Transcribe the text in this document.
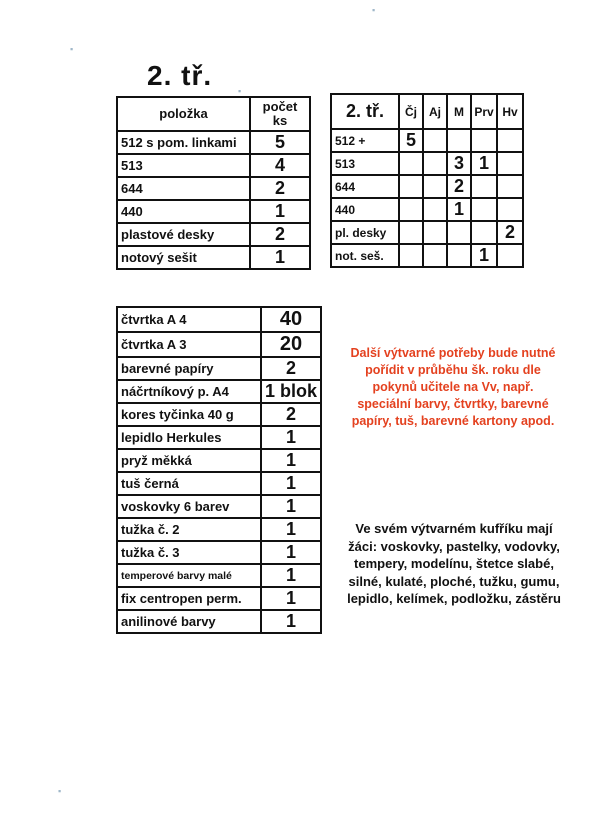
2. tř.
položka	počet ks
512 s pom. linkami	5
513	4
644	2
440	1
plastové desky	2
notový sešit	1
2. tř.	Čj	Aj	M	Prv	Hv
512 +	5				
513			3	1	
644			2		
440			1		
pl. desky					2
not. seš.				1	
čtvrtka A 4	40
čtvrtka A 3	20
barevné papíry	2
náčrtníkový p. A4	1 blok
kores tyčinka 40 g	2
lepidlo Herkules	1
pryž měkká	1
tuš černá	1
voskovky 6 barev	1
tužka č. 2	1
tužka č. 3	1
temperové barvy malé	1
fix centropen perm.	1
anilinové barvy	1
Další výtvarné potřeby bude nutné
pořídit v průběhu šk. roku dle
pokynů učitele na Vv, např.
speciální barvy, čtvrtky, barevné
papíry, tuš, barevné kartony apod.
Ve svém výtvarném kufříku mají
žáci: voskovky, pastelky, vodovky,
tempery, modelínu, štetce slabé,
silné, kulaté, ploché, tužku, gumu,
lepidlo, kelímek, podložku, zástěru
▪
▪
▪
▪
